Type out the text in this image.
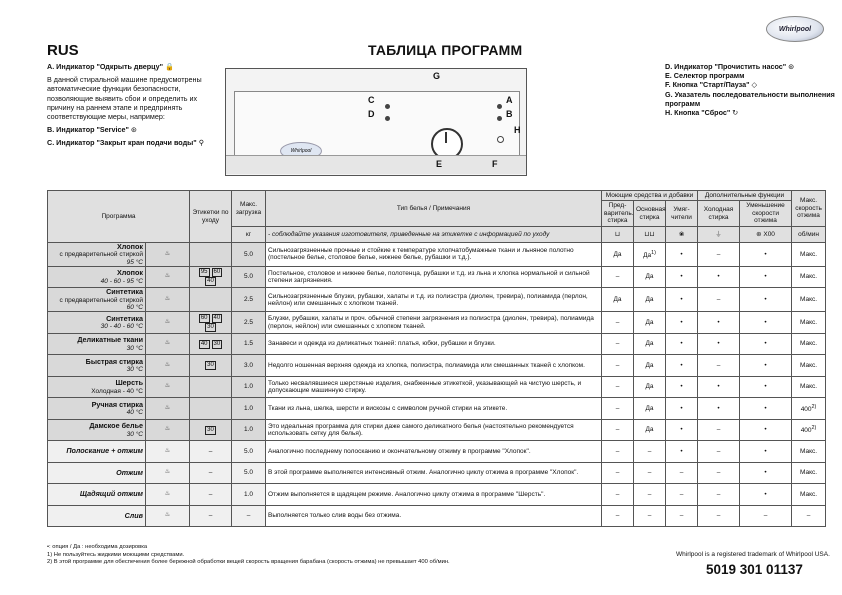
RUS	ТАБЛИЦА ПРОГРАММ
Whirlpool

A. Индикатор "Одкрыть дверцу" 🔒

В данной стиральной машине предусмотрены автоматические функции безопасности, позволяющие выявить сбои и определить их причину на раннем этапе и предпринять соответствующие меры, например:

B. Индикатор "Service" ⊛

C. Индикатор "Закрыт кран подачи воды" ⚲

Whirlpool
G
C
D
A
B
H
E	F

D. Индикатор "Прочистить насос" ⊛

E. Селектор программ

F. Кнопка "Старт/Пауза" ◇

G. Указатель последовательности выполнения программ

H. Кнопка "Сброс" ↻

Программа		Этикетки по уходу	Макс. загрузка	Тип белья / Примечания	Моющие средства и добавки			Дополнительные функции		Макс. скорость отжима
					Пред-варитель. стирка	Основная стирка	Умяг-чители	Холодная стирка	Уменьшение скорости отжима	
			кг	- соблюдайте указания изготовителя, приведенные на этикетке с информацией по уходу	⊔	⊔⊔	❀	⏚	⊛ X00	об/мин
Хлопок
с предварительной стиркой
95 °C	♨		5.0	Сильнозагрязненные прочные и стойкие к температуре хлопчатобумажные ткани и льняное полотно (постельное белье, столовое белье, нижнее белье, рубашки и т.д.).	Да	$Да^{1)}$	•	–	•	Макс.
Хлопок
40 - 60 - 95 °C	♨	95 6040	5.0	Постельное, столовое и нижнее белье, полотенца, рубашки и т.д. из льна и хлопка нормальной и сильной степени загрязнения.	–	Да	•	•	•	Макс.
Синтетика
с предварительной стиркой
60 °C	♨		2.5	Сильнозагрязненные блузки, рубашки, халаты и т.д. из полиэстра (диолен, тревира), полиамида (перлон, нейлон) или смешанных с хлопком тканей.	Да	Да	•	–	•	Макс.
Синтетика
30 - 40 - 60 °C	♨	60 4030	2.5	Блузки, рубашки, халаты и проч. обычной степени загрязнения из полиэстра (диолен, тревира), полиамида (перлон, нейлон) или смешанных с хлопком тканей.	–	Да	•	•	•	Макс.
Деликатные ткани
30 °C	♨	40 30	1.5	Занавеси и одежда из деликатных тканей: платья, юбки, рубашки и блузки.	–	Да	•	•	•	Макс.
Быстрая стирка
30 °C	♨	30	3.0	Недолго ношенная верхняя одежда из хлопка, полиэстра, полиамида или смешанных тканей с хлопком.	–	Да	•	–	•	Макс.
Шерсть
Холодная - 40 °C	♨		1.0	Только несвалявшиеся шерстяные изделия, снабженные этикеткой, указывающей на чистую шерсть, и допускающие машинную стирку.	–	Да	•	•	•	Макс.
Ручная стирка
40 °C	♨		1.0	Ткани из льна, шелка, шерсти и вискозы с символом ручной стирки на этикете.	–	Да	•	•	•	400$^{2)}$
Дамское белье
30 °C	♨	30	1.0	Это идеальная программа для стирки даже самого деликатного белья (настоятельно рекомендуется использовать сетку для белья).	–	Да	•	–	•	400$^{2)}$
Полоскание + отжим	♨	–	5.0	Аналогично последнему полосканию и окончательному отжиму в программе "Хлопок".	–	–	•	–	•	Макс.
Отжим	♨	–	5.0	В этой программе выполняется интенсивный отжим. Аналогично циклу отжима в программе "Хлопок".	–	–	–	–	•	Макс.
Щадящий отжим	♨	–	1.0	Отжим выполняется в щадящем режиме. Аналогично циклу отжима в программе "Шерсть".	–	–	–	–	•	Макс.
Слив	♨	–	–	Выполняется только слив воды без отжима.	–	–	–	–	–	–
•: опция / Да : необходима дозировка
1) Не пользуйтесь жидкими моющими средствами.
2) В этой программе для обеспечения более бережной обработки вещей скорость вращения барабана (скорость отжима) не превышает 400 об/мин.
Whirlpool is a registered trademark of Whirlpool USA.
5019 301 01137
